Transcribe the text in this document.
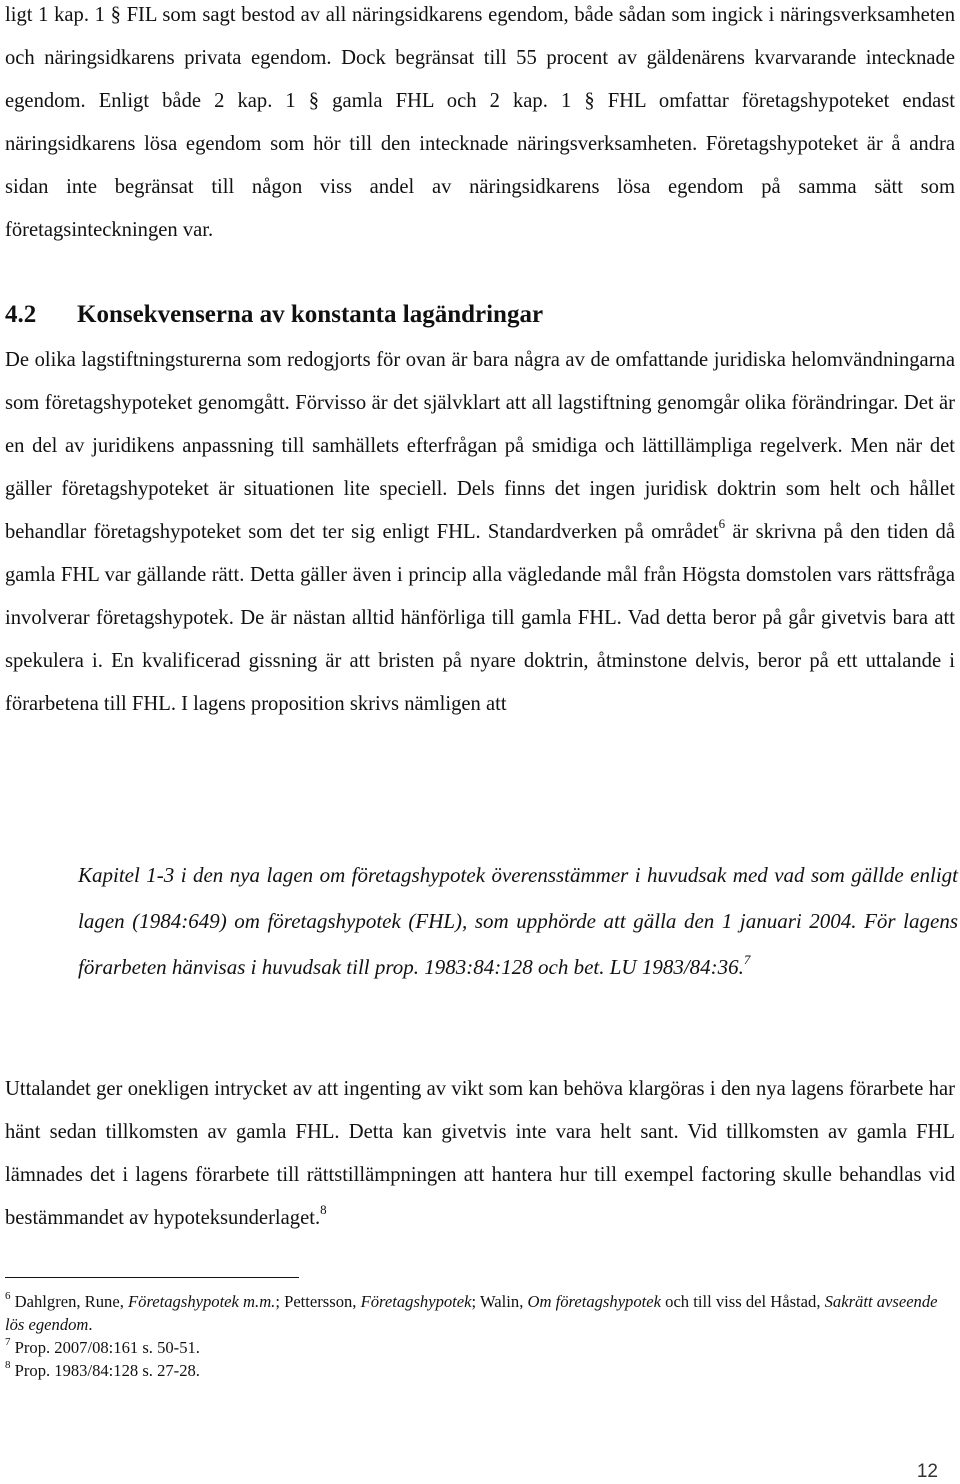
ligt 1 kap. 1 § FIL som sagt bestod av all näringsidkarens egendom, både sådan som ingick i näringsverksamheten och näringsidkarens privata egendom. Dock begränsat till 55 procent av gäldenärens kvarvarande intecknade egendom. Enligt både 2 kap. 1 § gamla FHL och 2 kap. 1 § FHL omfattar företagshypoteket endast näringsidkarens lösa egendom som hör till den intecknade näringsverksamheten. Företagshypoteket är å andra sidan inte begränsat till någon viss andel av näringsidkarens lösa egendom på samma sätt som företagsinteckningen var.

4.2 Konsekvenserna av konstanta lagändringar

De olika lagstiftningsturerna som redogjorts för ovan är bara några av de omfattande juridiska helomvändningarna som företagshypoteket genomgått. Förvisso är det självklart att all lagstiftning genomgår olika förändringar. Det är en del av juridikens anpassning till samhällets efterfrågan på smidiga och lättillämpliga regelverk. Men när det gäller företagshypoteket är situationen lite speciell. Dels finns det ingen juridisk doktrin som helt och hållet behandlar företagshypoteket som det ter sig enligt FHL. Standardverken på området$^6$ är skrivna på den tiden då gamla FHL var gällande rätt. Detta gäller även i princip alla vägledande mål från Högsta domstolen vars rättsfråga involverar företagshypotek. De är nästan alltid hänförliga till gamla FHL. Vad detta beror på går givetvis bara att spekulera i. En kvalificerad gissning är att bristen på nyare doktrin, åtminstone delvis, beror på ett uttalande i förarbetena till FHL. I lagens proposition skrivs nämligen att

Kapitel 1-3 i den nya lagen om företagshypotek överensstämmer i huvudsak med vad som gällde enligt lagen (1984:649) om företagshypotek (FHL), som upphörde att gälla den 1 januari 2004. För lagens förarbeten hänvisas i huvudsak till prop. 1983:84:128 och bet. LU 1983/84:36.$^7$

Uttalandet ger onekligen intrycket av att ingenting av vikt som kan behöva klargöras i den nya lagens förarbete har hänt sedan tillkomsten av gamla FHL. Detta kan givetvis inte vara helt sant. Vid tillkomsten av gamla FHL lämnades det i lagens förarbete till rättstillämpningen att hantera hur till exempel factoring skulle behandlas vid bestämmandet av hypoteksunderlaget.$^8$

$^6$ Dahlgren, Rune, Företagshypotek m.m.; Pettersson, Företagshypotek; Walin, Om företagshypotek och till viss del Håstad, Sakrätt avseende lös egendom.

$^7$ Prop. 2007/08:161 s. 50-51.

$^8$ Prop. 1983/84:128 s. 27-28.

12
